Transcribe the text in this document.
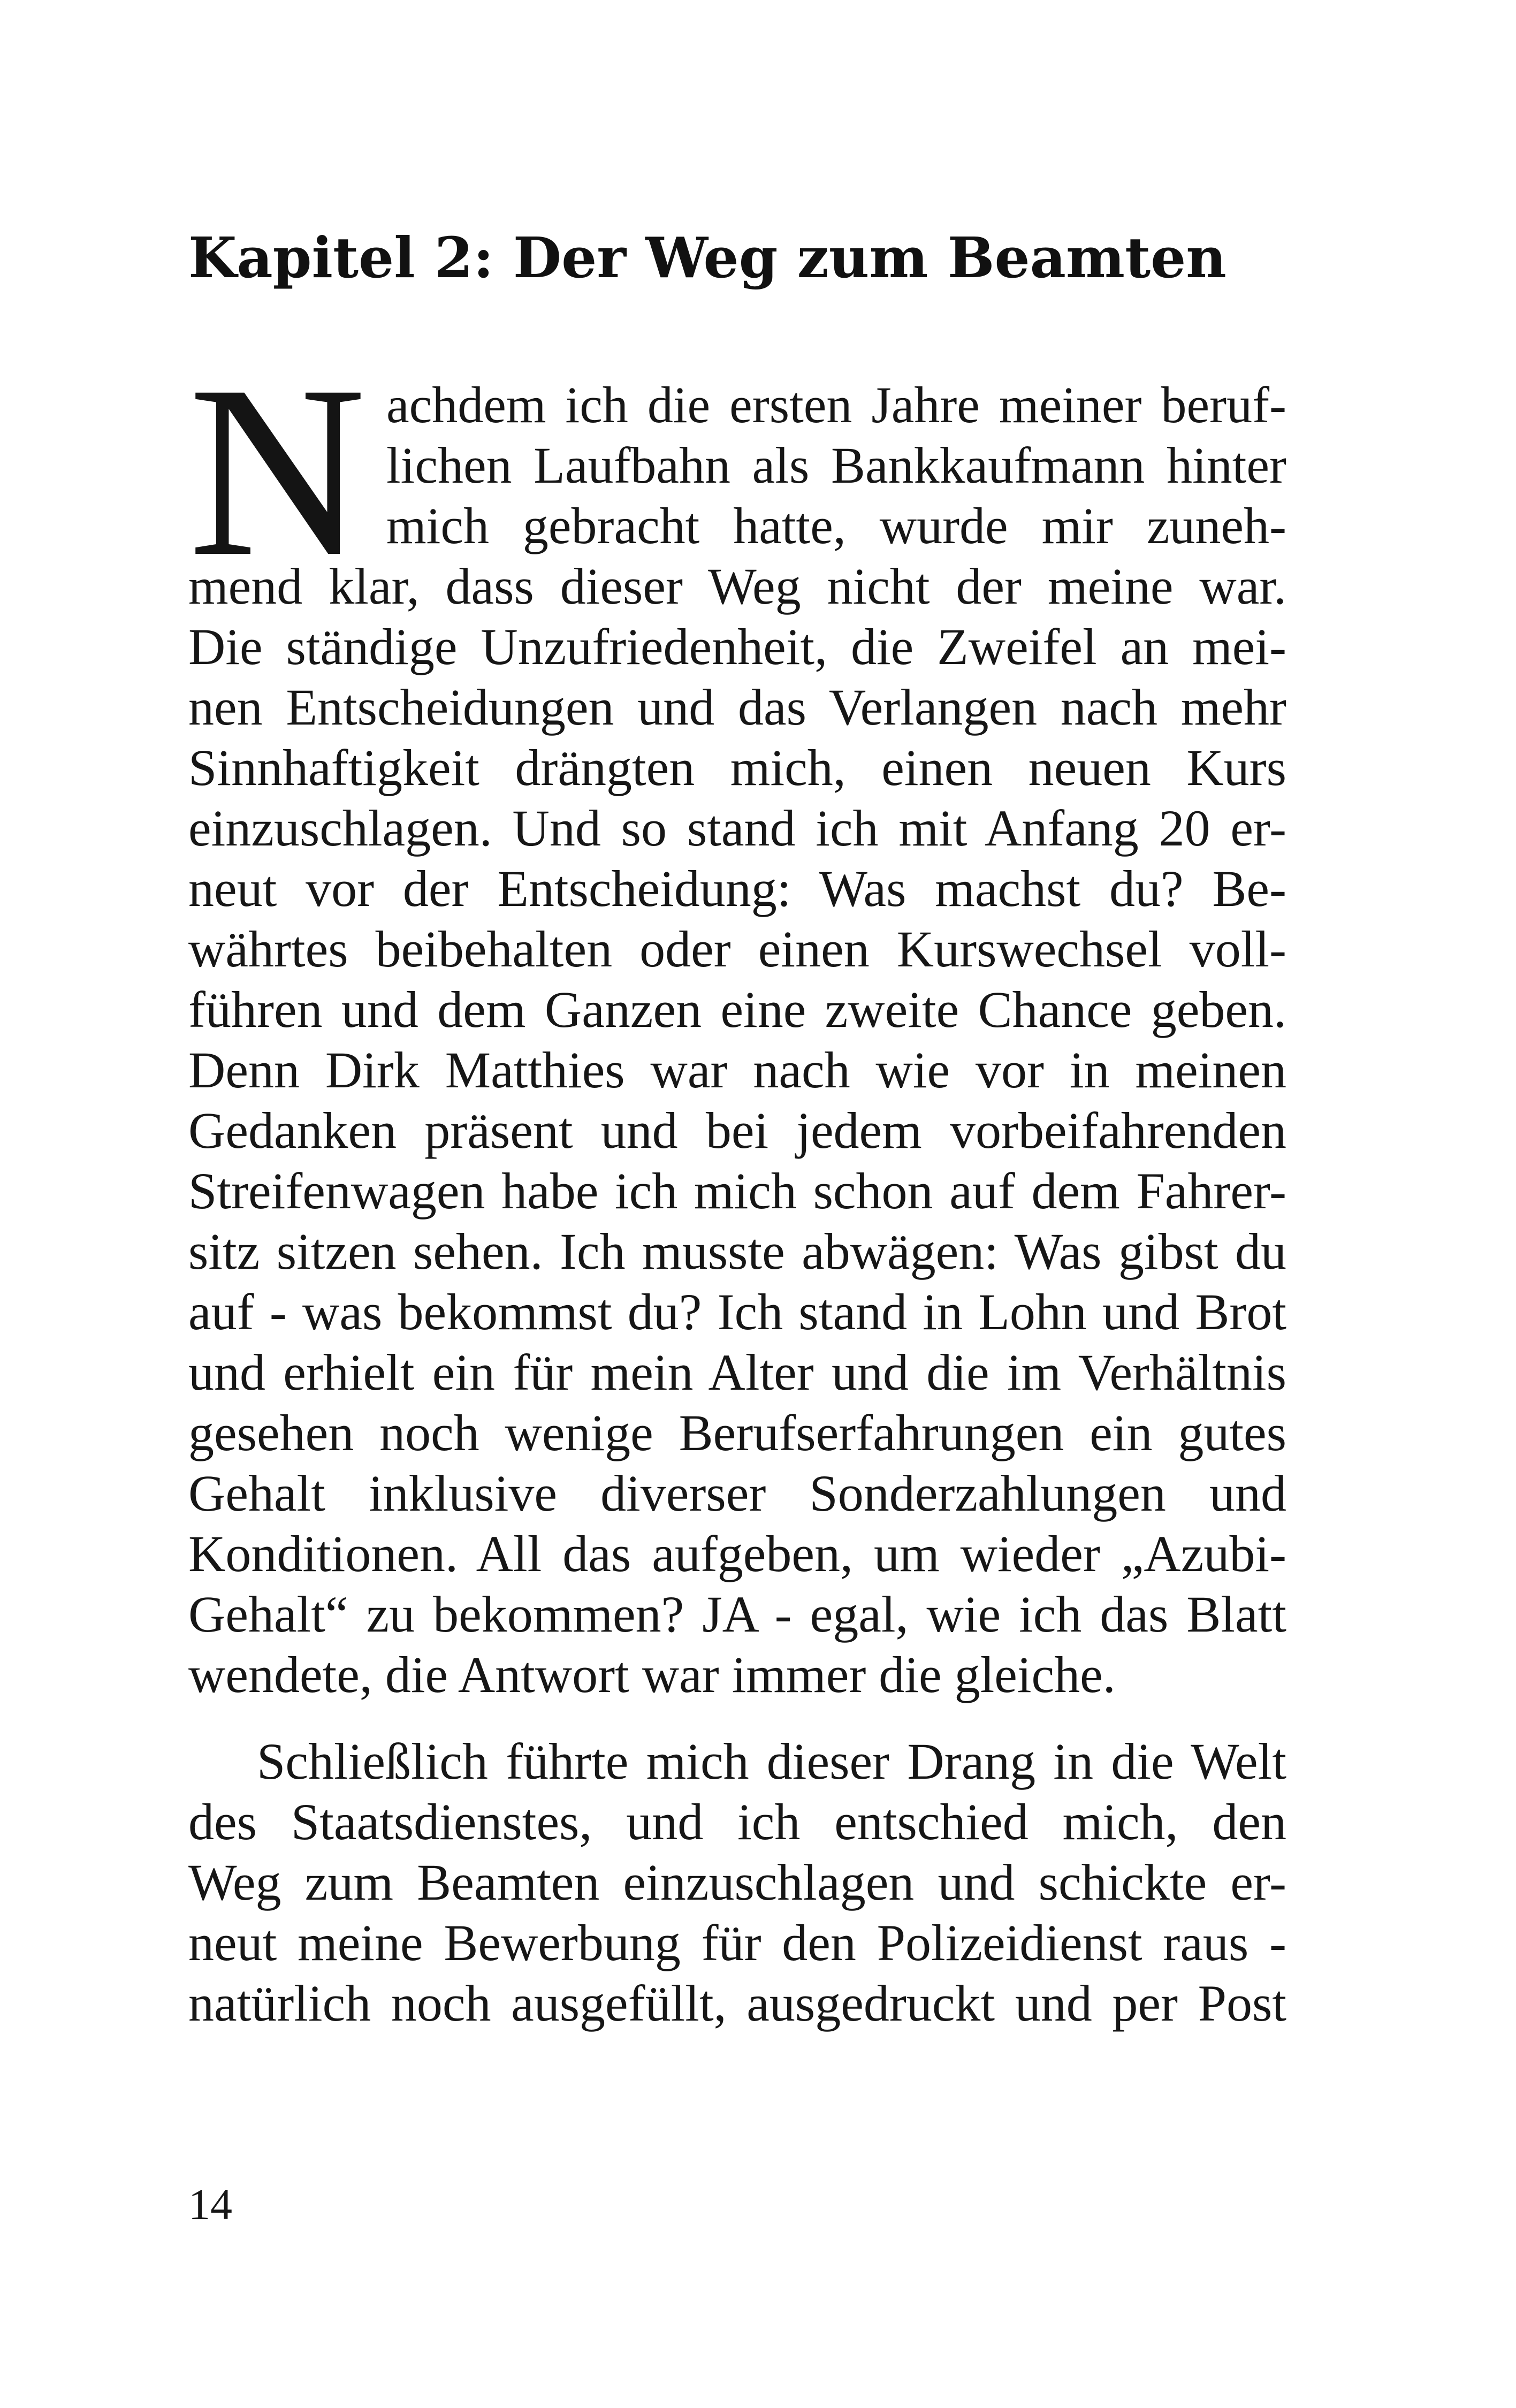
Kapitel 2: Der Weg zum Beamten
N achdem ich die ersten Jahre meiner beruf-
lichen Laufbahn als Bankkaufmann hinter
mich gebracht hatte, wurde mir zuneh-
mend klar, dass dieser Weg nicht der meine war.
Die ständige Unzufriedenheit, die Zweifel an mei-
nen Entscheidungen und das Verlangen nach mehr
Sinnhaftigkeit drängten mich, einen neuen Kurs
einzuschlagen. Und so stand ich mit Anfang 20 er-
neut vor der Entscheidung: Was machst du? Be-
währtes beibehalten oder einen Kurswechsel voll-
führen und dem Ganzen eine zweite Chance geben.
Denn Dirk Matthies war nach wie vor in meinen
Gedanken präsent und bei jedem vorbeifahrenden
Streifenwagen habe ich mich schon auf dem Fahrer-
sitz sitzen sehen. Ich musste abwägen: Was gibst du
auf - was bekommst du? Ich stand in Lohn und Brot
und erhielt ein für mein Alter und die im Verhältnis
gesehen noch wenige Berufserfahrungen ein gutes
Gehalt inklusive diverser Sonderzahlungen und
Konditionen. All das aufgeben, um wieder „Azubi-
Gehalt“ zu bekommen? JA - egal, wie ich das Blatt
wendete, die Antwort war immer die gleiche.
Schließlich führte mich dieser Drang in die Welt
des Staatsdienstes, und ich entschied mich, den
Weg zum Beamten einzuschlagen und schickte er-
neut meine Bewerbung für den Polizeidienst raus -
natürlich noch ausgefüllt, ausgedruckt und per Post
14
